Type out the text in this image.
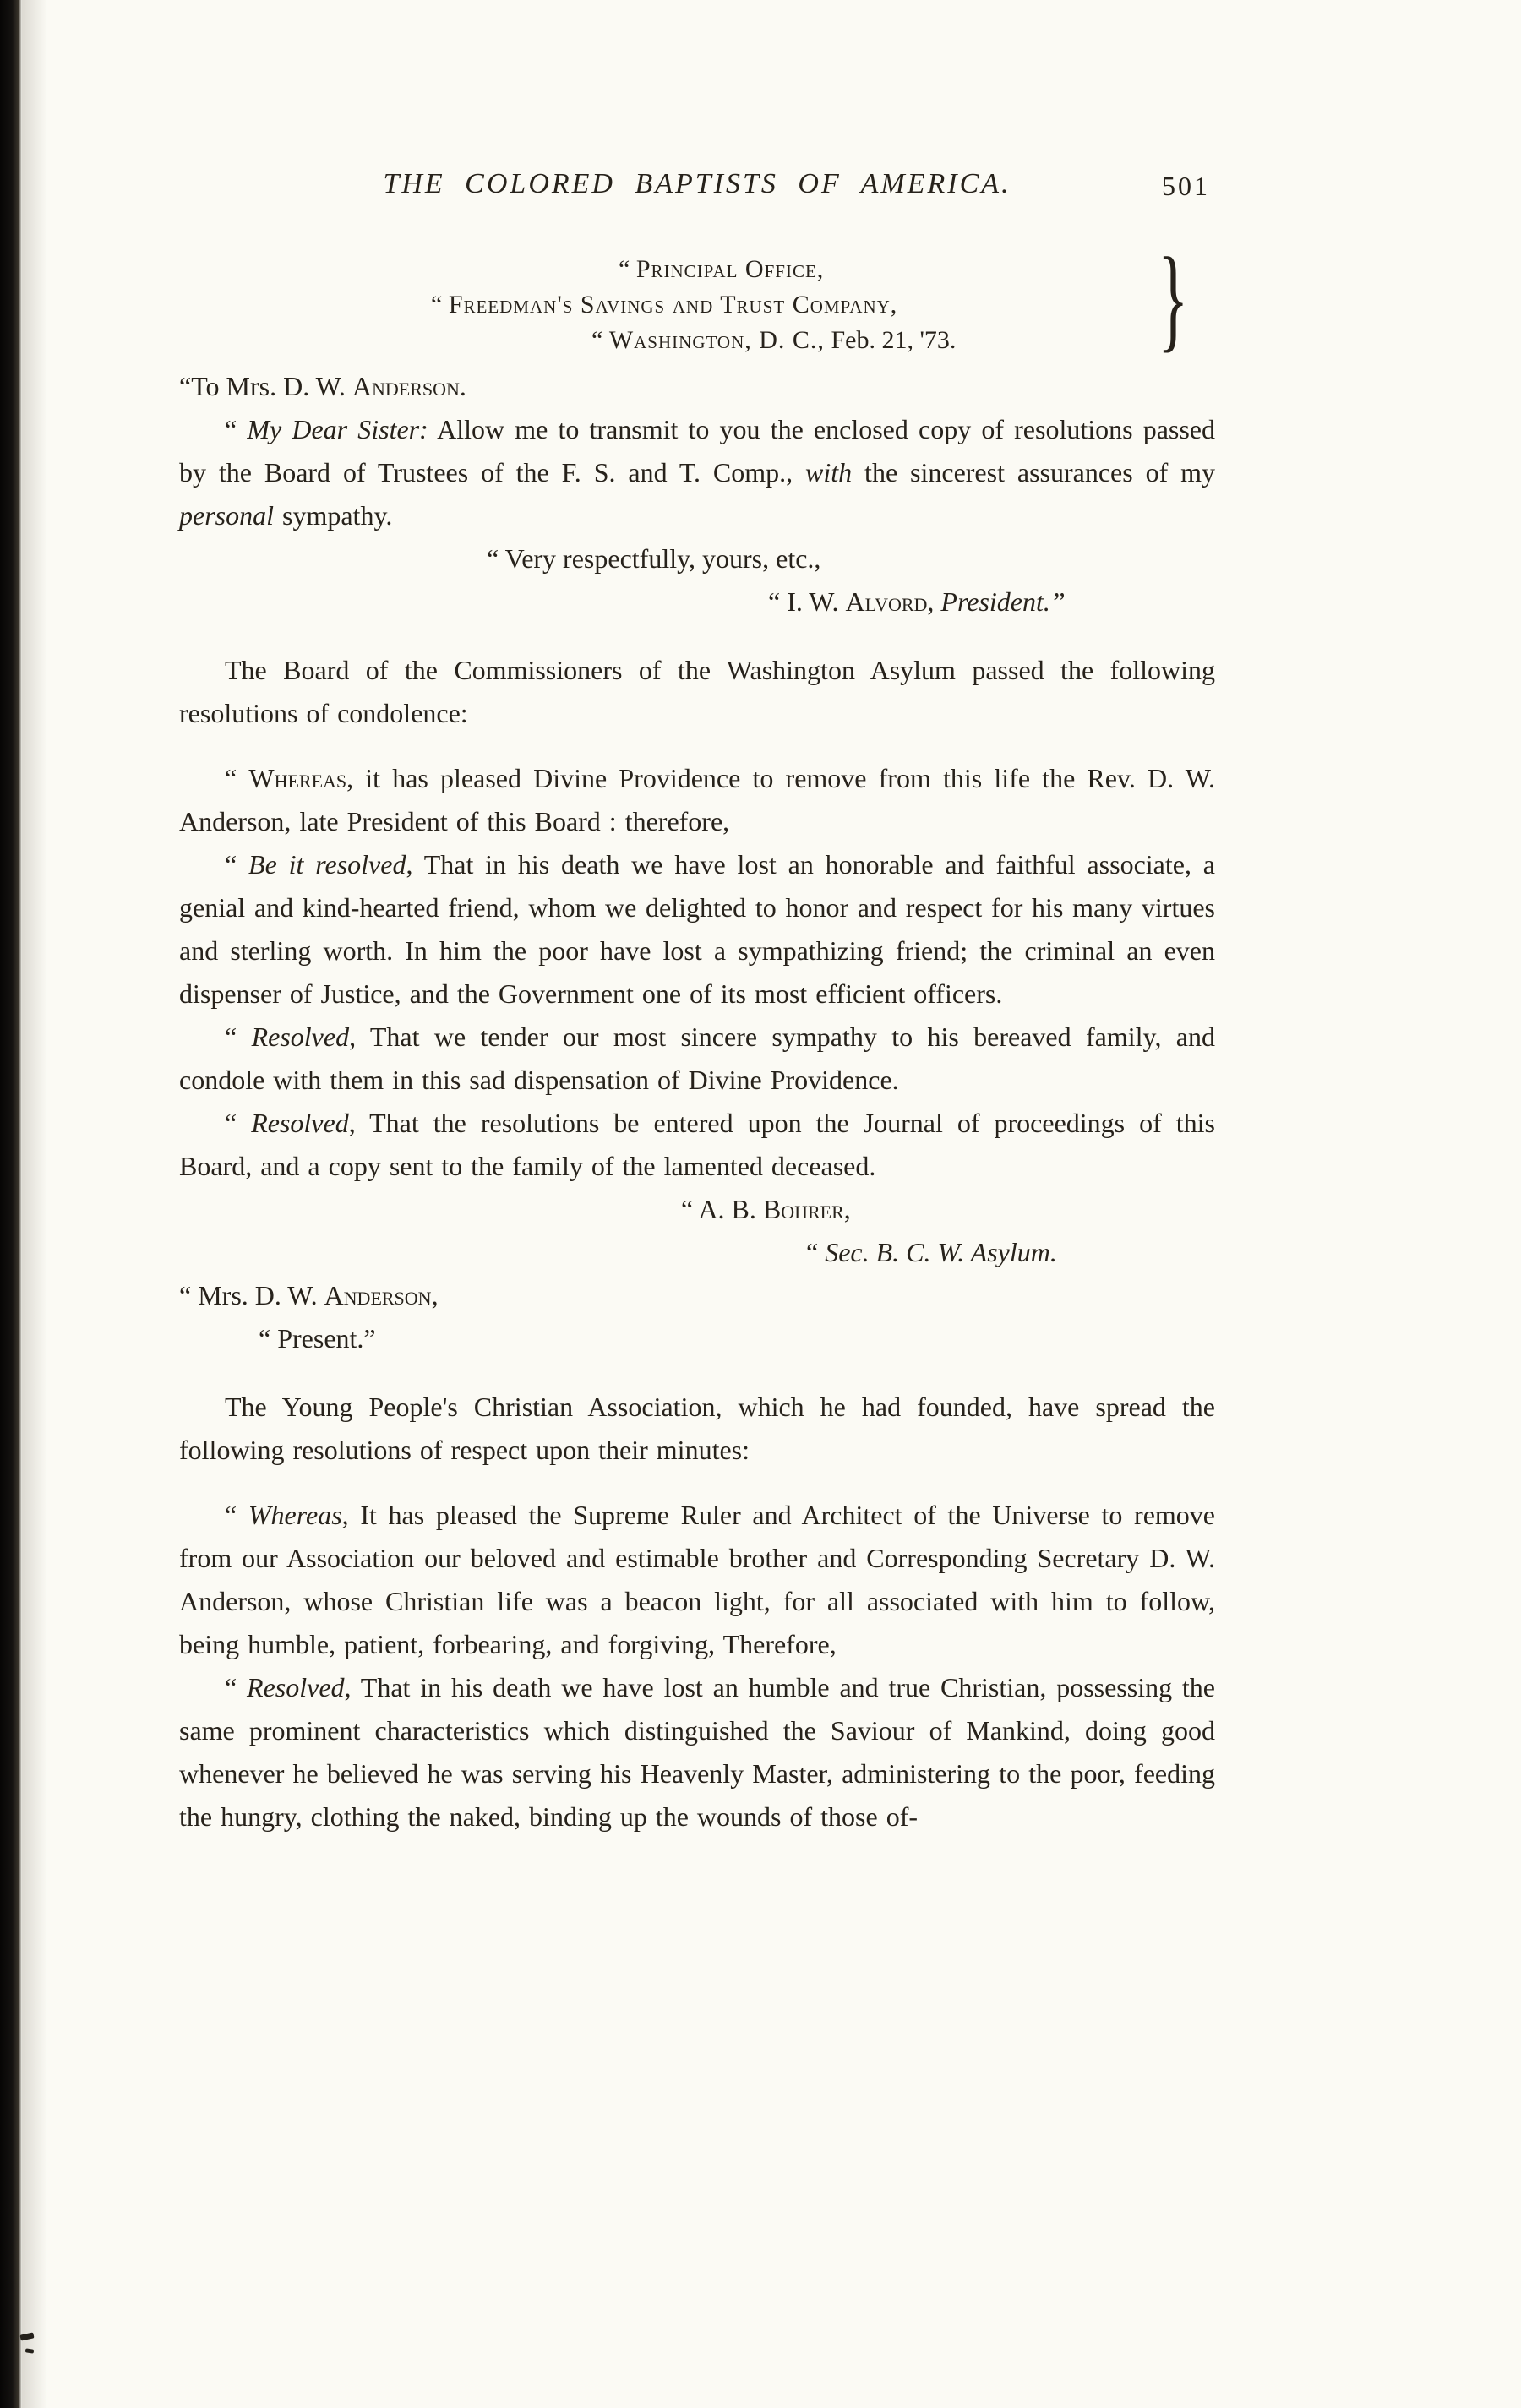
THE COLORED BAPTISTS OF AMERICA.	501
“ Principal Office,
“ Freedman's Savings and Trust Company,
“ Washington, D. C., Feb. 21, '73.	}
“To Mrs. D. W. Anderson.

“ My Dear Sister: Allow me to transmit to you the enclosed copy of resolutions passed by the Board of Trustees of the F. S. and T. Comp., with the sincerest assurances of my personal sympathy.

“ Very respectfully, yours, etc.,
“ I. W. Alvord, President.”

The Board of the Commissioners of the Washington Asylum passed the following resolutions of condolence:

“ Whereas, it has pleased Divine Providence to remove from this life the Rev. D. W. Anderson, late President of this Board : therefore,

“ Be it resolved, That in his death we have lost an honorable and faithful associate, a genial and kind-hearted friend, whom we delighted to honor and respect for his many virtues and sterling worth. In him the poor have lost a sympathizing friend; the criminal an even dispenser of Justice, and the Government one of its most efficient officers.

“ Resolved, That we tender our most sincere sympathy to his bereaved family, and condole with them in this sad dispensation of Divine Providence.

“ Resolved, That the resolutions be entered upon the Journal of proceedings of this Board, and a copy sent to the family of the lamented deceased.

“ A. B. Bohrer,
“ Sec. B. C. W. Asylum.
“ Mrs. D. W. Anderson,
“ Present.”

The Young People's Christian Association, which he had founded, have spread the following resolutions of respect upon their minutes:

“ Whereas, It has pleased the Supreme Ruler and Architect of the Universe to remove from our Association our beloved and estimable brother and Corresponding Secretary D. W. Anderson, whose Christian life was a beacon light, for all associated with him to follow, being humble, patient, forbearing, and forgiving, Therefore,

“ Resolved, That in his death we have lost an humble and true Christian, possessing the same prominent characteristics which distinguished the Saviour of Mankind, doing good whenever he believed he was serving his Heavenly Master, administering to the poor, feeding the hungry, clothing the naked, binding up the wounds of those of-
